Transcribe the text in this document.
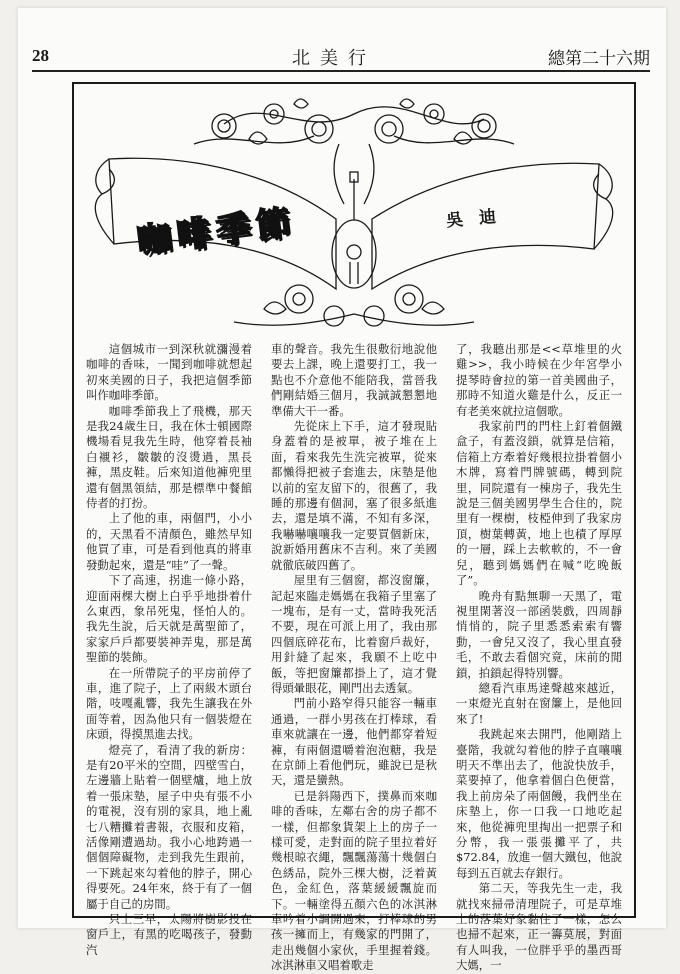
28	北美行	總第二十六期
咖啡季節	吳 迪

這個城市一到深秋就瀰漫着咖啡的香味，一聞到咖啡就想起初來美國的日子，我把這個季節叫作咖啡季節。

咖啡季節我上了飛機，那天是我24歲生日，我在休士頓國際機場看見我先生時，他穿着長袖白襯衫，皺皺的沒燙過，黑長褲，黑皮鞋。后來知道他褲兜里還有個黑領結，那是標準中餐館侍者的打扮。

上了他的車，兩個門，小小的，天黑看不清顏色，雖然早知他買了車，可是看到他真的將車發動起來，還是“哇”了一聲。

下了高速，拐進一條小路，迎面兩棵大樹上白乎乎地掛着什么東西，象吊死鬼，怪怕人的。我先生說，后天就是萬聖節了，家家戶戶都要裝神弄鬼，那是萬聖節的裝飾。

在一所帶院子的平房前停了車，進了院子，上了兩級木頭台階，吱嘎亂響，我先生讓我在外面等着，因為他只有一個裝燈在床頭，得摸黑進去找。

燈亮了，看清了我的新房：是有20平米的空間，四壁雪白，左邊牆上貼着一個壁爐，地上放着一張床墊，屋子中央有張不小的電視，沒有別的家具，地上亂七八糟攤着書報，衣服和皮箱，活像剛遭過劫。我小心地跨過一個個障礙物，走到我先生跟前，一下跳起來勾着他的脖子，開心得要死。24年來，終于有了一個屬于自己的房間。

只上三早，太陽將樹影投在窗戶上，有黑的吃喝孩子，發動汽

車的聲音。我先生很敷衍地說他要去上課，晚上還要打工，我一點也不介意他不能陪我，當晉我們剛結婚三個月，我誠誠懇懇地準備大干一番。

先從床上下手，這才發現貼身蓋着的是被單，被子堆在上面，看來我先生洗完被單，從來都懶得把被子套進去，床墊是他以前的室友留下的，很舊了，我睡的那邊有個洞，塞了很多紙進去，還是填不滿，不知有多深，我嚇嚇嚷嚷我一定要買個新床，說新婚用舊床不吉利。來了美國就徹底破四舊了。

屋里有三個窗，都沒窗簾，記起來臨走媽媽在我箱子里塞了一塊布，是有一丈，當時我死活不要，現在可派上用了，我由那四個底碎花布，比着窗戶裁好，用針縫了起來，我願不上吃中飯，等把窗簾都掛上了，這才覺得頭暈眼花，剛門出去透氣。

門前小路窄得只能容一輛車通過，一群小男孩在打棒球，看車來就讓在一邊，他們都穿着短褲，有兩個還嚼着泡泡糖，我是在京師上看他們玩，雖說已是秋天，還是蠻熱。

已是斜陽西下，撲鼻而來咖啡的香味，左鄰右舍的房子都不一樣，但都象貨架上上的房子一樣可愛，走對面的院子里拉着好幾根晾衣繩，飄飄蕩蕩十幾個白色綉品，院外三棵大樹，泛着黃色，金紅色，落葉緩緩飄旋而下。一輛塗得五顏六色的冰淇淋車吟着小調開過來，打棒球的男孩一擁而上，有幾家的門開了，走出幾個小家伙，手里握着錢。冰淇淋車又唱着歌走

了，我聽出那是<<草堆里的火雞>>，我小時候在少年宮學小提琴時會拉的第一首美國曲子，那時不知道火雞是什么，反正一有老美來就拉這個歌。

我家前門的門柱上釘着個鐵盒子，有蓋沒鎖，就算是信箱，信箱上方牽着好幾根拉掛着個小木牌，寫着門牌號碼，轉到院里，同院還有一棟房子，我先生說是三個美國男學生合住的，院里有一棵樹，枝椏伸到了我家房頂，樹葉轉黃，地上也積了厚厚的一層，踩上去軟軟的，不一會兒，聽到媽媽們在喊“吃晚飯了”。

晚舟有點無聊一天黑了，電視里閑著沒一部函裝戲，四周靜悄悄的，院子里悉悉索索有響動，一會兒又沒了，我心里直發毛，不敢去看個究竟，床前的閒鎖，拍鎖起得特別響。

總看汽車馬達聲越來越近，一束燈光直射在窗簾上，是他回來了!

我跳起來去開門，他剛踏上臺階，我就勾着他的脖子直嚷嚷明天不準出去了，他說快放手，菜要掉了，他拿着個白色便當，我上前房朵了兩個饅，我們坐在床墊上，你一口我一口地吃起來，他從褲兜里掏出一把票子和分幣，我一張張攤平了，共$72.84，放進一個大鐵包，他說每到五百就去存銀行。

第二天，等我先生一走，我就找來掃帚清理院子，可是草堆上的落葉好象黏住了一樣，怎么也掃不起來，正一籌莫展，對面有人叫我，一位胖乎乎的墨西哥大媽，一
